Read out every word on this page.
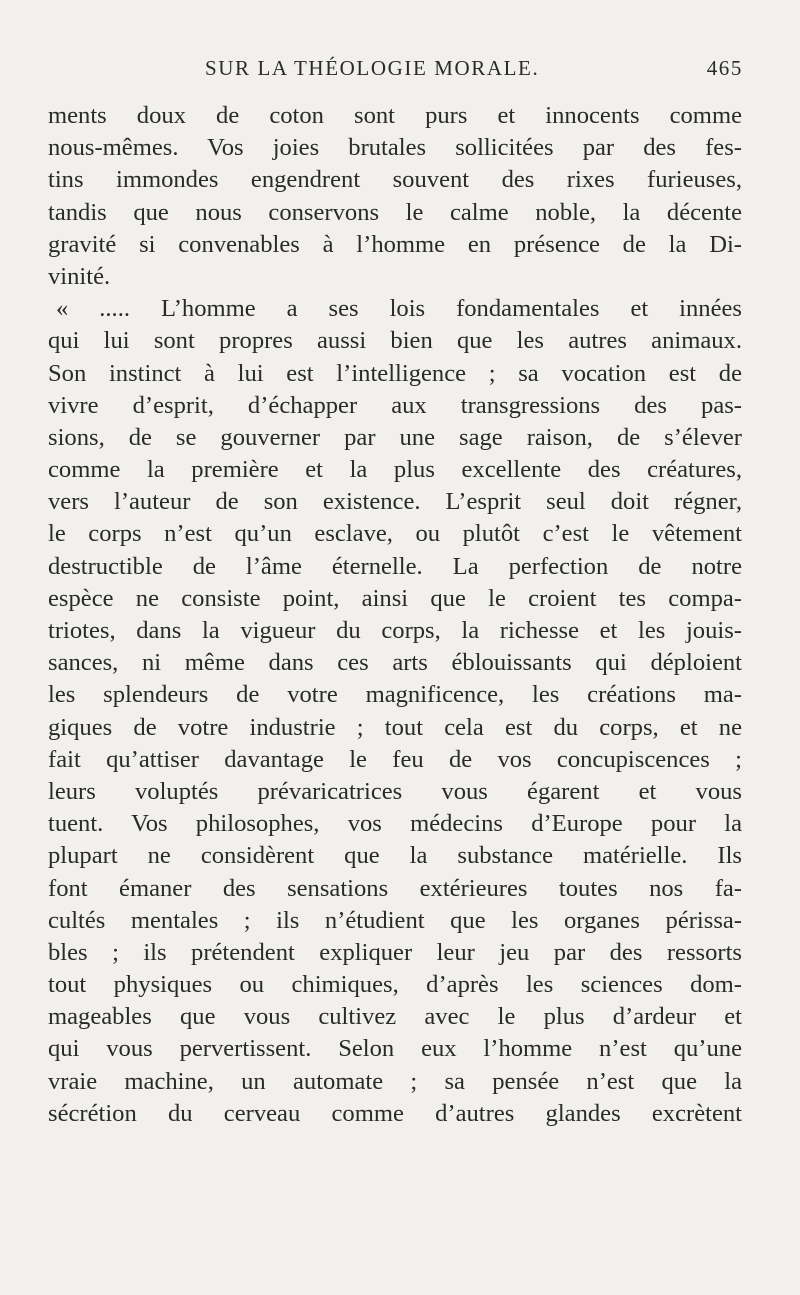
SUR LA THÉOLOGIE MORALE.	465
ments doux de coton sont purs et innocents comme
nous-mêmes. Vos joies brutales sollicitées par des fes-
tins immondes engendrent souvent des rixes furieuses,
tandis que nous conservons le calme noble, la décente
gravité si convenables à l’homme en présence de la Di-
vinité.
« ..... L’homme a ses lois fondamentales et innées
qui lui sont propres aussi bien que les autres animaux.
Son instinct à lui est l’intelligence ; sa vocation est de
vivre d’esprit, d’échapper aux transgressions des pas-
sions, de se gouverner par une sage raison, de s’élever
comme la première et la plus excellente des créatures,
vers l’auteur de son existence. L’esprit seul doit régner,
le corps n’est qu’un esclave, ou plutôt c’est le vêtement
destructible de l’âme éternelle. La perfection de notre
espèce ne consiste point, ainsi que le croient tes compa-
triotes, dans la vigueur du corps, la richesse et les jouis-
sances, ni même dans ces arts éblouissants qui déploient
les splendeurs de votre magnificence, les créations ma-
giques de votre industrie ; tout cela est du corps, et ne
fait qu’attiser davantage le feu de vos concupiscences ;
leurs voluptés prévaricatrices vous égarent et vous
tuent. Vos philosophes, vos médecins d’Europe pour la
plupart ne considèrent que la substance matérielle. Ils
font émaner des sensations extérieures toutes nos fa-
cultés mentales ; ils n’étudient que les organes périssa-
bles ; ils prétendent expliquer leur jeu par des ressorts
tout physiques ou chimiques, d’après les sciences dom-
mageables que vous cultivez avec le plus d’ardeur et
qui vous pervertissent. Selon eux l’homme n’est qu’une
vraie machine, un automate ; sa pensée n’est que la
sécrétion du cerveau comme d’autres glandes excrètent
